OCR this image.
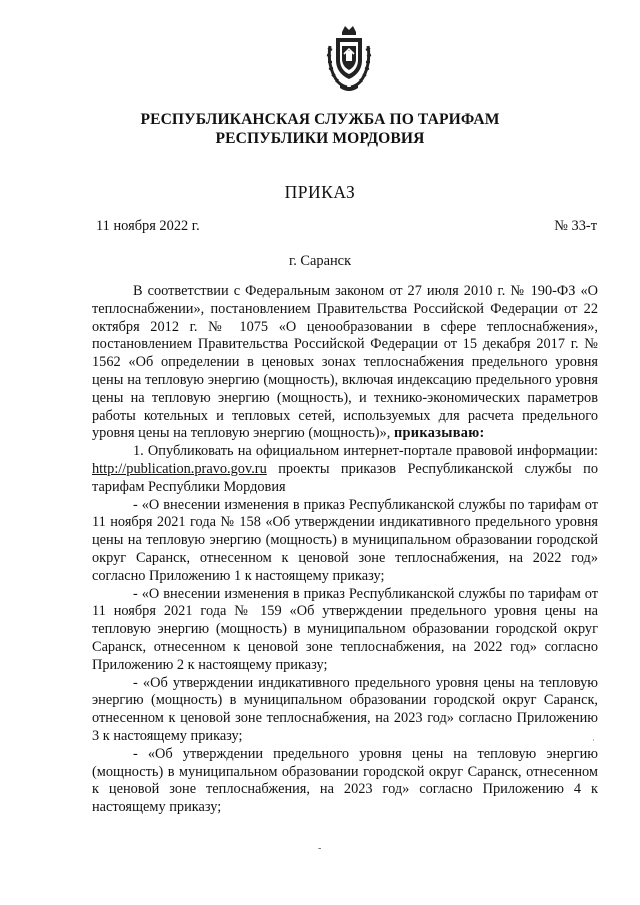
РЕСПУБЛИКАНСКАЯ СЛУЖБА ПО ТАРИФАМ
РЕСПУБЛИКИ МОРДОВИЯ
ПРИКАЗ
11 ноября 2022 г.	№ 33-т
г. Саранск

В соответствии с Федеральным законом от 27 июля 2010 г. № 190-ФЗ «О теплоснабжении», постановлением Правительства Российской Федерации от 22 октября 2012 г. № 1075 «О ценообразовании в сфере теплоснабжения», постановлением Правительства Российской Федерации от 15 декабря 2017 г. № 1562 «Об определении в ценовых зонах теплоснабжения предельного уровня цены на тепловую энергию (мощность), включая индексацию предельного уровня цены на тепловую энергию (мощность), и технико-экономических параметров работы котельных и тепловых сетей, используемых для расчета предельного уровня цены на тепловую энергию (мощность)», приказываю:

1. Опубликовать на официальном интернет-портале правовой информации: http://publication.pravo.gov.ru проекты приказов Республиканской службы по тарифам Республики Мордовия

- «О внесении изменения в приказ Республиканской службы по тарифам от 11 ноября 2021 года № 158 «Об утверждении индикативного предельного уровня цены на тепловую энергию (мощность) в муниципальном образовании городской округ Саранск, отнесенном к ценовой зоне теплоснабжения, на 2022 год» согласно Приложению 1 к настоящему приказу;

- «О внесении изменения в приказ Республиканской службы по тарифам от 11 ноября 2021 года № 159 «Об утверждении предельного уровня цены на тепловую энергию (мощность) в муниципальном образовании городской округ Саранск, отнесенном к ценовой зоне теплоснабжения, на 2022 год» согласно Приложению 2 к настоящему приказу;

- «Об утверждении индикативного предельного уровня цены на тепловую энергию (мощность) в муниципальном образовании городской округ Саранск, отнесенном к ценовой зоне теплоснабжения, на 2023 год» согласно Приложению 3 к настоящему приказу;

- «Об утверждении предельного уровня цены на тепловую энергию (мощность) в муниципальном образовании городской округ Саранск, отнесенном к ценовой зоне теплоснабжения, на 2023 год» согласно Приложению 4 к настоящему приказу;

·
-
